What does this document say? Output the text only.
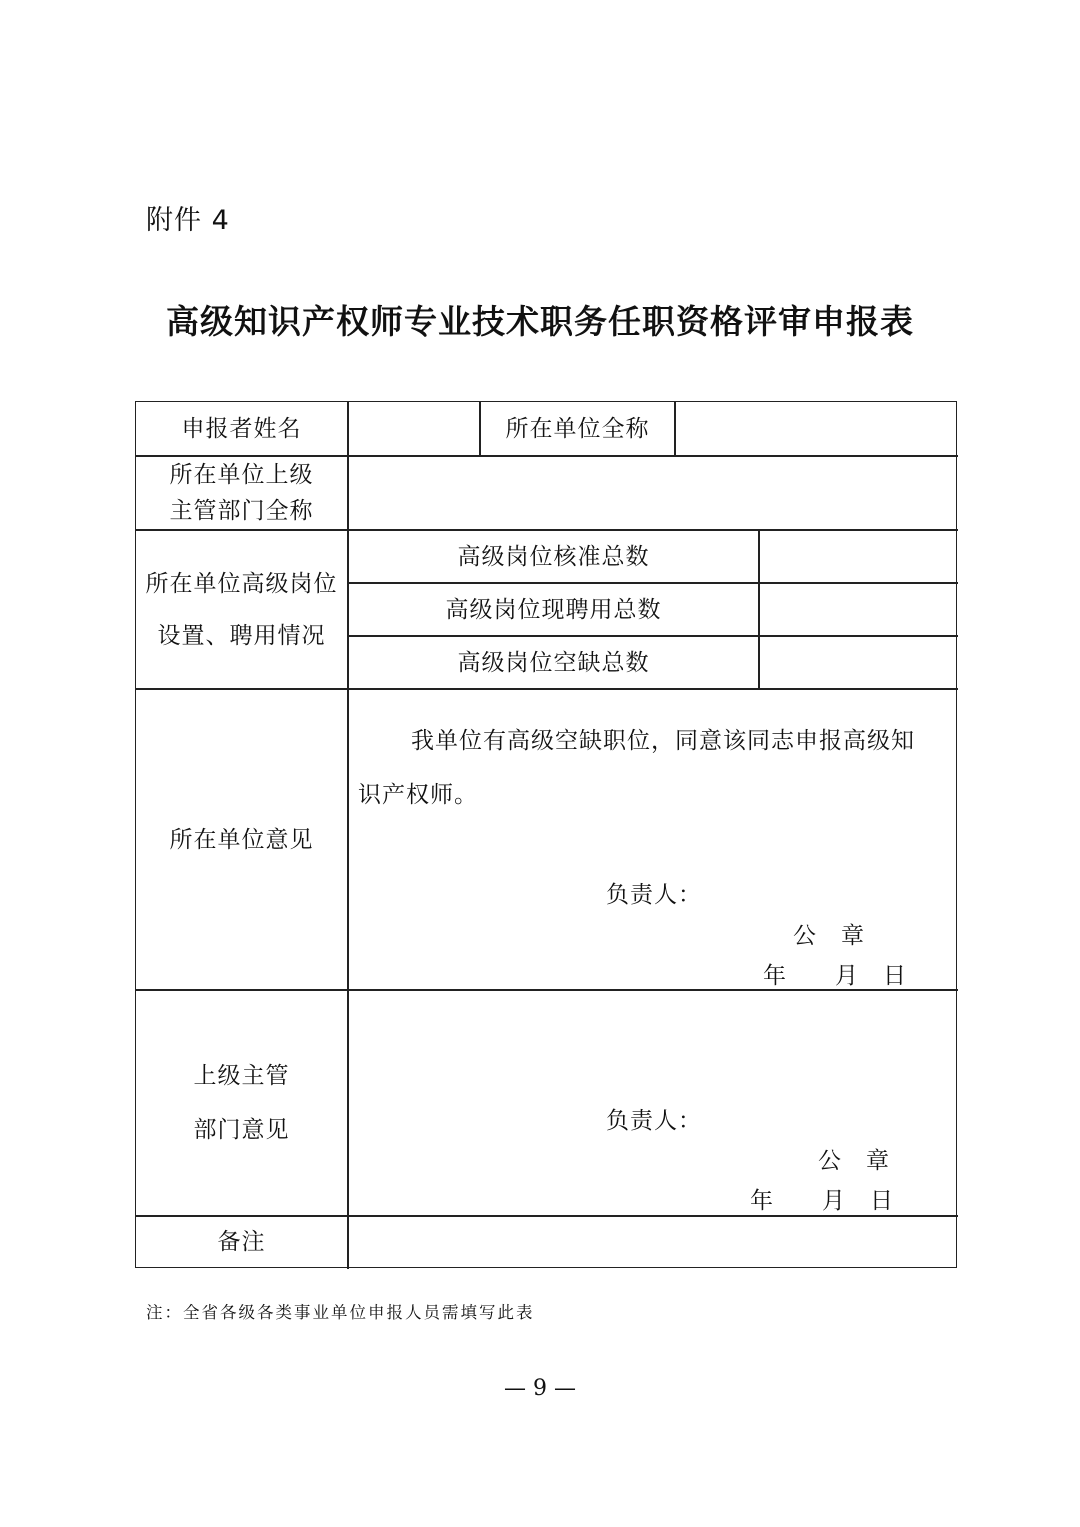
附件 4
高级知识产权师专业技术职务任职资格评审申报表
申报者姓名	所在单位全称
所在单位上级
主管部门全称
所在单位高级岗位
设置、聘用情况
高级岗位核准总数
高级岗位现聘用总数
高级岗位空缺总数
所在单位意见
我单位有高级空缺职位，同意该同志申报高级知
识产权师。
负责人：
公　章
年　　月　日
上级主管
部门意见	负责人：
公　章
年　　月　日
备注
注：全省各级各类事业单位申报人员需填写此表
— 9 —
